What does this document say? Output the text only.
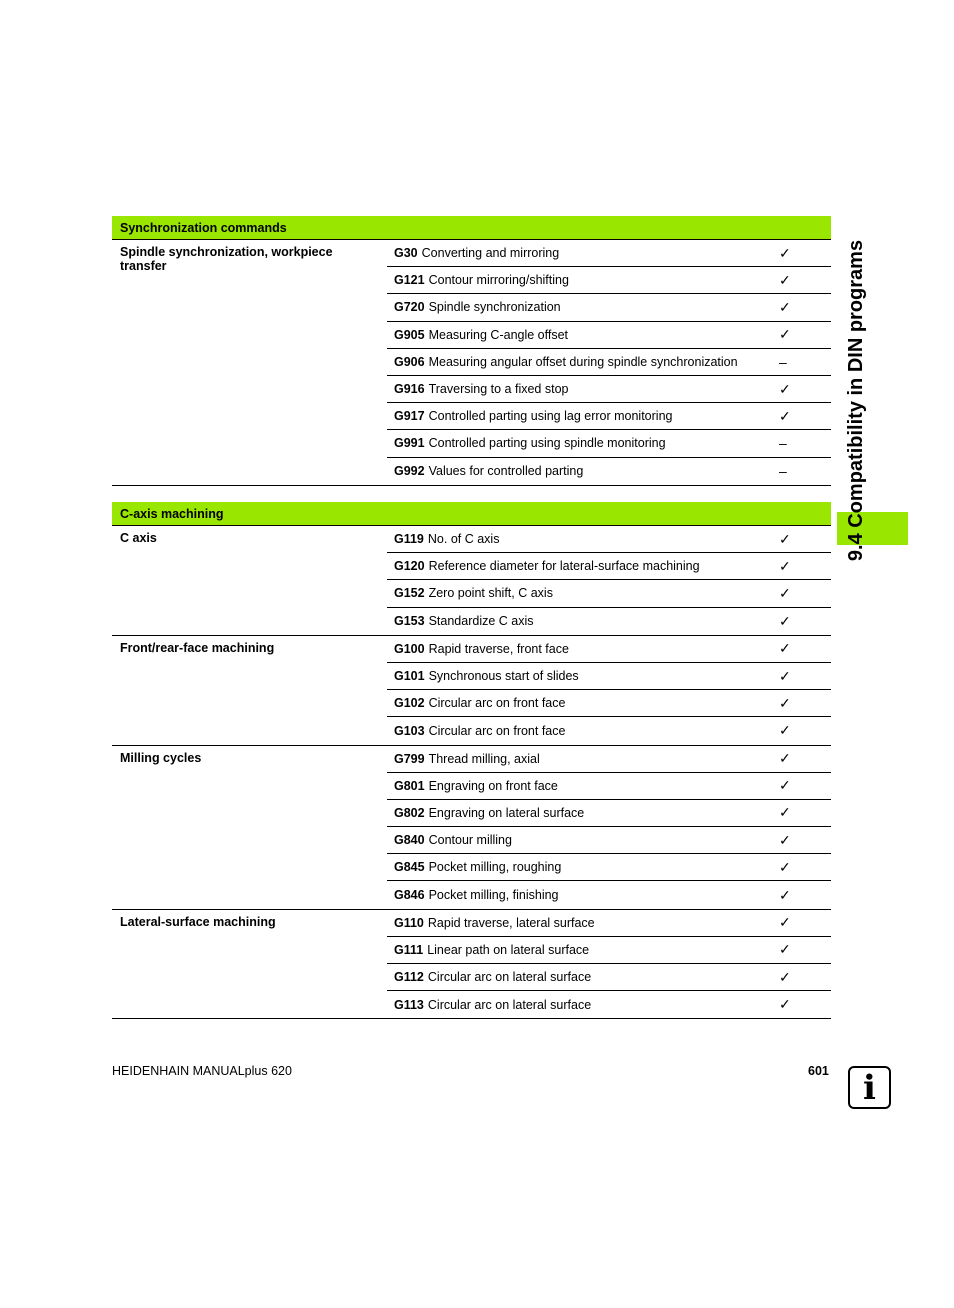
9.4 Compatibility in DIN programs
Synchronization commands
Spindle synchronization, workpiece transfer
G30 Converting and mirroring	✓
G121 Contour mirroring/shifting	✓
G720 Spindle synchronization	✓
G905 Measuring C-angle offset	✓
G906 Measuring angular offset during spindle synchronization	–
G916 Traversing to a fixed stop	✓
G917 Controlled parting using lag error monitoring	✓
G991 Controlled parting using spindle monitoring	–
G992 Values for controlled parting	–
C-axis machining
C axis	G119 No. of C axis	✓
G120 Reference diameter for lateral-surface machining	✓
G152 Zero point shift, C axis	✓
G153 Standardize C axis	✓
Front/rear-face machining	G100 Rapid traverse, front face	✓
G101 Synchronous start of slides	✓
G102 Circular arc on front face	✓
G103 Circular arc on front face	✓
Milling cycles	G799 Thread milling, axial	✓
G801 Engraving on front face	✓
G802 Engraving on lateral surface	✓
G840 Contour milling	✓
G845 Pocket milling, roughing	✓
G846 Pocket milling, finishing	✓
Lateral-surface machining	G110 Rapid traverse, lateral surface	✓
G111 Linear path on lateral surface	✓
G112 Circular arc on lateral surface	✓
G113 Circular arc on lateral surface	✓
HEIDENHAIN MANUALplus 620	601	i
